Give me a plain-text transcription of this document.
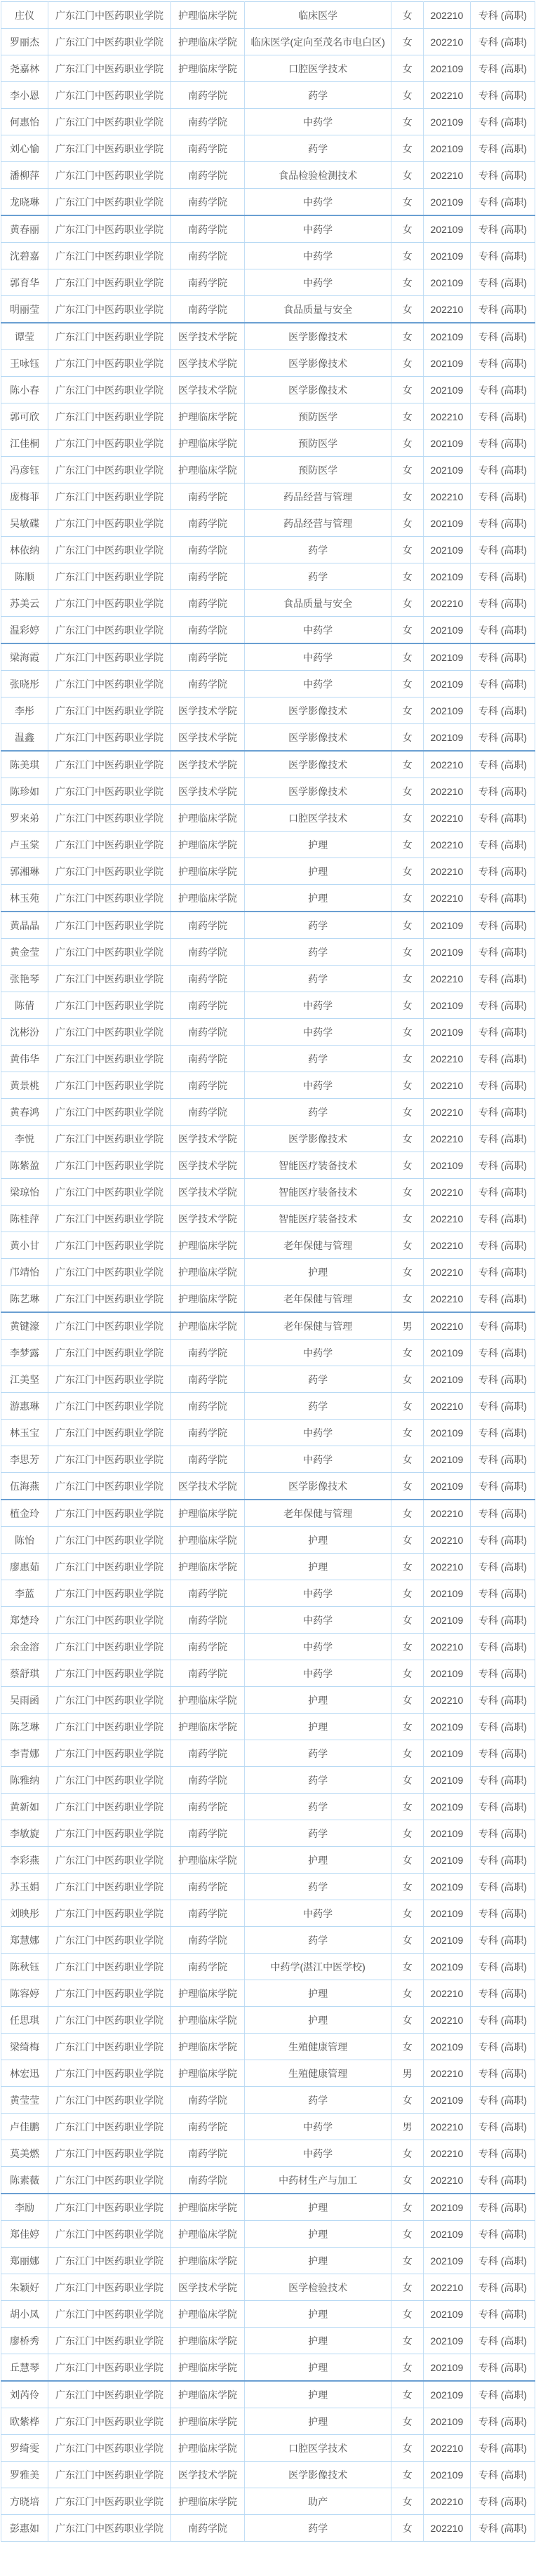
庄仪	广东江门中医药职业学院	护理临床学院	临床医学	女	202210	专科 (高职)
罗丽杰	广东江门中医药职业学院	护理临床学院	临床医学(定向至茂名市电白区)	女	202210	专科 (高职)
尧嘉林	广东江门中医药职业学院	护理临床学院	口腔医学技术	女	202109	专科 (高职)
李小恩	广东江门中医药职业学院	南药学院	药学	女	202210	专科 (高职)
何惠怡	广东江门中医药职业学院	南药学院	中药学	女	202109	专科 (高职)
刘心愉	广东江门中医药职业学院	南药学院	药学	女	202109	专科 (高职)
潘柳萍	广东江门中医药职业学院	南药学院	食品检验检测技术	女	202210	专科 (高职)
龙晓琳	广东江门中医药职业学院	南药学院	中药学	女	202109	专科 (高职)
黄春丽	广东江门中医药职业学院	南药学院	中药学	女	202109	专科 (高职)
沈碧嘉	广东江门中医药职业学院	南药学院	中药学	女	202109	专科 (高职)
郭育华	广东江门中医药职业学院	南药学院	中药学	女	202109	专科 (高职)
明丽莹	广东江门中医药职业学院	南药学院	食品质量与安全	女	202210	专科 (高职)
谭莹	广东江门中医药职业学院	医学技术学院	医学影像技术	女	202109	专科 (高职)
王咏钰	广东江门中医药职业学院	医学技术学院	医学影像技术	女	202109	专科 (高职)
陈小春	广东江门中医药职业学院	医学技术学院	医学影像技术	女	202109	专科 (高职)
郭可欣	广东江门中医药职业学院	护理临床学院	预防医学	女	202210	专科 (高职)
江佳桐	广东江门中医药职业学院	护理临床学院	预防医学	女	202109	专科 (高职)
冯彦钰	广东江门中医药职业学院	护理临床学院	预防医学	女	202109	专科 (高职)
庞梅菲	广东江门中医药职业学院	南药学院	药品经营与管理	女	202210	专科 (高职)
吴敏碟	广东江门中医药职业学院	南药学院	药品经营与管理	女	202109	专科 (高职)
林依纳	广东江门中医药职业学院	南药学院	药学	女	202109	专科 (高职)
陈顺	广东江门中医药职业学院	南药学院	药学	女	202109	专科 (高职)
苏美云	广东江门中医药职业学院	南药学院	食品质量与安全	女	202210	专科 (高职)
温彩婷	广东江门中医药职业学院	南药学院	中药学	女	202109	专科 (高职)
梁海霞	广东江门中医药职业学院	南药学院	中药学	女	202109	专科 (高职)
张晓彤	广东江门中医药职业学院	南药学院	中药学	女	202109	专科 (高职)
李彤	广东江门中医药职业学院	医学技术学院	医学影像技术	女	202109	专科 (高职)
温鑫	广东江门中医药职业学院	医学技术学院	医学影像技术	女	202109	专科 (高职)
陈美琪	广东江门中医药职业学院	医学技术学院	医学影像技术	女	202210	专科 (高职)
陈珍如	广东江门中医药职业学院	医学技术学院	医学影像技术	女	202210	专科 (高职)
罗来弟	广东江门中医药职业学院	护理临床学院	口腔医学技术	女	202210	专科 (高职)
卢玉棠	广东江门中医药职业学院	护理临床学院	护理	女	202210	专科 (高职)
郭湘琳	广东江门中医药职业学院	护理临床学院	护理	女	202210	专科 (高职)
林玉苑	广东江门中医药职业学院	护理临床学院	护理	女	202210	专科 (高职)
黄晶晶	广东江门中医药职业学院	南药学院	药学	女	202109	专科 (高职)
黄金莹	广东江门中医药职业学院	南药学院	药学	女	202109	专科 (高职)
张艳琴	广东江门中医药职业学院	南药学院	药学	女	202210	专科 (高职)
陈倩	广东江门中医药职业学院	南药学院	中药学	女	202109	专科 (高职)
沈彬汾	广东江门中医药职业学院	南药学院	中药学	女	202109	专科 (高职)
黄伟华	广东江门中医药职业学院	南药学院	药学	女	202210	专科 (高职)
黄景桃	广东江门中医药职业学院	南药学院	中药学	女	202210	专科 (高职)
黄春鸿	广东江门中医药职业学院	南药学院	药学	女	202210	专科 (高职)
李悦	广东江门中医药职业学院	医学技术学院	医学影像技术	女	202210	专科 (高职)
陈紫盈	广东江门中医药职业学院	医学技术学院	智能医疗装备技术	女	202109	专科 (高职)
梁琼怡	广东江门中医药职业学院	医学技术学院	智能医疗装备技术	女	202210	专科 (高职)
陈桂萍	广东江门中医药职业学院	医学技术学院	智能医疗装备技术	女	202210	专科 (高职)
黄小甘	广东江门中医药职业学院	护理临床学院	老年保健与管理	女	202210	专科 (高职)
邝靖怡	广东江门中医药职业学院	护理临床学院	护理	女	202210	专科 (高职)
陈艺琳	广东江门中医药职业学院	护理临床学院	老年保健与管理	女	202210	专科 (高职)
黄键濠	广东江门中医药职业学院	护理临床学院	老年保健与管理	男	202210	专科 (高职)
李梦露	广东江门中医药职业学院	南药学院	中药学	女	202109	专科 (高职)
江美坚	广东江门中医药职业学院	南药学院	药学	女	202109	专科 (高职)
游惠琳	广东江门中医药职业学院	南药学院	药学	女	202210	专科 (高职)
林玉宝	广东江门中医药职业学院	南药学院	中药学	女	202109	专科 (高职)
李思芳	广东江门中医药职业学院	南药学院	中药学	女	202109	专科 (高职)
伍海燕	广东江门中医药职业学院	医学技术学院	医学影像技术	女	202109	专科 (高职)
植金玲	广东江门中医药职业学院	护理临床学院	老年保健与管理	女	202210	专科 (高职)
陈怡	广东江门中医药职业学院	护理临床学院	护理	女	202210	专科 (高职)
廖惠茹	广东江门中医药职业学院	护理临床学院	护理	女	202210	专科 (高职)
李蓝	广东江门中医药职业学院	南药学院	中药学	女	202109	专科 (高职)
郑楚玲	广东江门中医药职业学院	南药学院	中药学	女	202109	专科 (高职)
余金溶	广东江门中医药职业学院	南药学院	中药学	女	202210	专科 (高职)
蔡舒琪	广东江门中医药职业学院	南药学院	中药学	女	202109	专科 (高职)
吴雨函	广东江门中医药职业学院	护理临床学院	护理	女	202210	专科 (高职)
陈芝琳	广东江门中医药职业学院	护理临床学院	护理	女	202109	专科 (高职)
李青娜	广东江门中医药职业学院	南药学院	药学	女	202109	专科 (高职)
陈雅纳	广东江门中医药职业学院	南药学院	药学	女	202109	专科 (高职)
黄新如	广东江门中医药职业学院	南药学院	药学	女	202109	专科 (高职)
李敏旋	广东江门中医药职业学院	南药学院	药学	女	202109	专科 (高职)
李彩燕	广东江门中医药职业学院	护理临床学院	护理	女	202109	专科 (高职)
苏玉娟	广东江门中医药职业学院	南药学院	药学	女	202109	专科 (高职)
刘映彤	广东江门中医药职业学院	南药学院	中药学	女	202109	专科 (高职)
郑慧娜	广东江门中医药职业学院	南药学院	药学	女	202109	专科 (高职)
陈秋钰	广东江门中医药职业学院	南药学院	中药学(湛江中医学校)	女	202109	专科 (高职)
陈容婷	广东江门中医药职业学院	护理临床学院	护理	女	202210	专科 (高职)
任思琪	广东江门中医药职业学院	护理临床学院	护理	女	202210	专科 (高职)
梁绮梅	广东江门中医药职业学院	护理临床学院	生殖健康管理	女	202109	专科 (高职)
林宏迅	广东江门中医药职业学院	护理临床学院	生殖健康管理	男	202210	专科 (高职)
黄莹莹	广东江门中医药职业学院	南药学院	药学	女	202109	专科 (高职)
卢佳鹏	广东江门中医药职业学院	南药学院	中药学	男	202210	专科 (高职)
莫美燃	广东江门中医药职业学院	南药学院	中药学	女	202210	专科 (高职)
陈素薇	广东江门中医药职业学院	南药学院	中药材生产与加工	女	202210	专科 (高职)
李励	广东江门中医药职业学院	护理临床学院	护理	女	202109	专科 (高职)
郑佳婷	广东江门中医药职业学院	护理临床学院	护理	女	202109	专科 (高职)
郑丽娜	广东江门中医药职业学院	护理临床学院	护理	女	202109	专科 (高职)
朱颖好	广东江门中医药职业学院	医学技术学院	医学检验技术	女	202210	专科 (高职)
胡小凤	广东江门中医药职业学院	护理临床学院	护理	女	202109	专科 (高职)
廖桥秀	广东江门中医药职业学院	护理临床学院	护理	女	202109	专科 (高职)
丘慧琴	广东江门中医药职业学院	护理临床学院	护理	女	202109	专科 (高职)
刘芮伶	广东江门中医药职业学院	护理临床学院	护理	女	202109	专科 (高职)
欧紫桦	广东江门中医药职业学院	护理临床学院	护理	女	202109	专科 (高职)
罗绮雯	广东江门中医药职业学院	护理临床学院	口腔医学技术	女	202210	专科 (高职)
罗雅美	广东江门中医药职业学院	医学技术学院	医学影像技术	女	202109	专科 (高职)
方晓培	广东江门中医药职业学院	护理临床学院	助产	女	202210	专科 (高职)
彭惠如	广东江门中医药职业学院	南药学院	药学	女	202210	专科 (高职)
